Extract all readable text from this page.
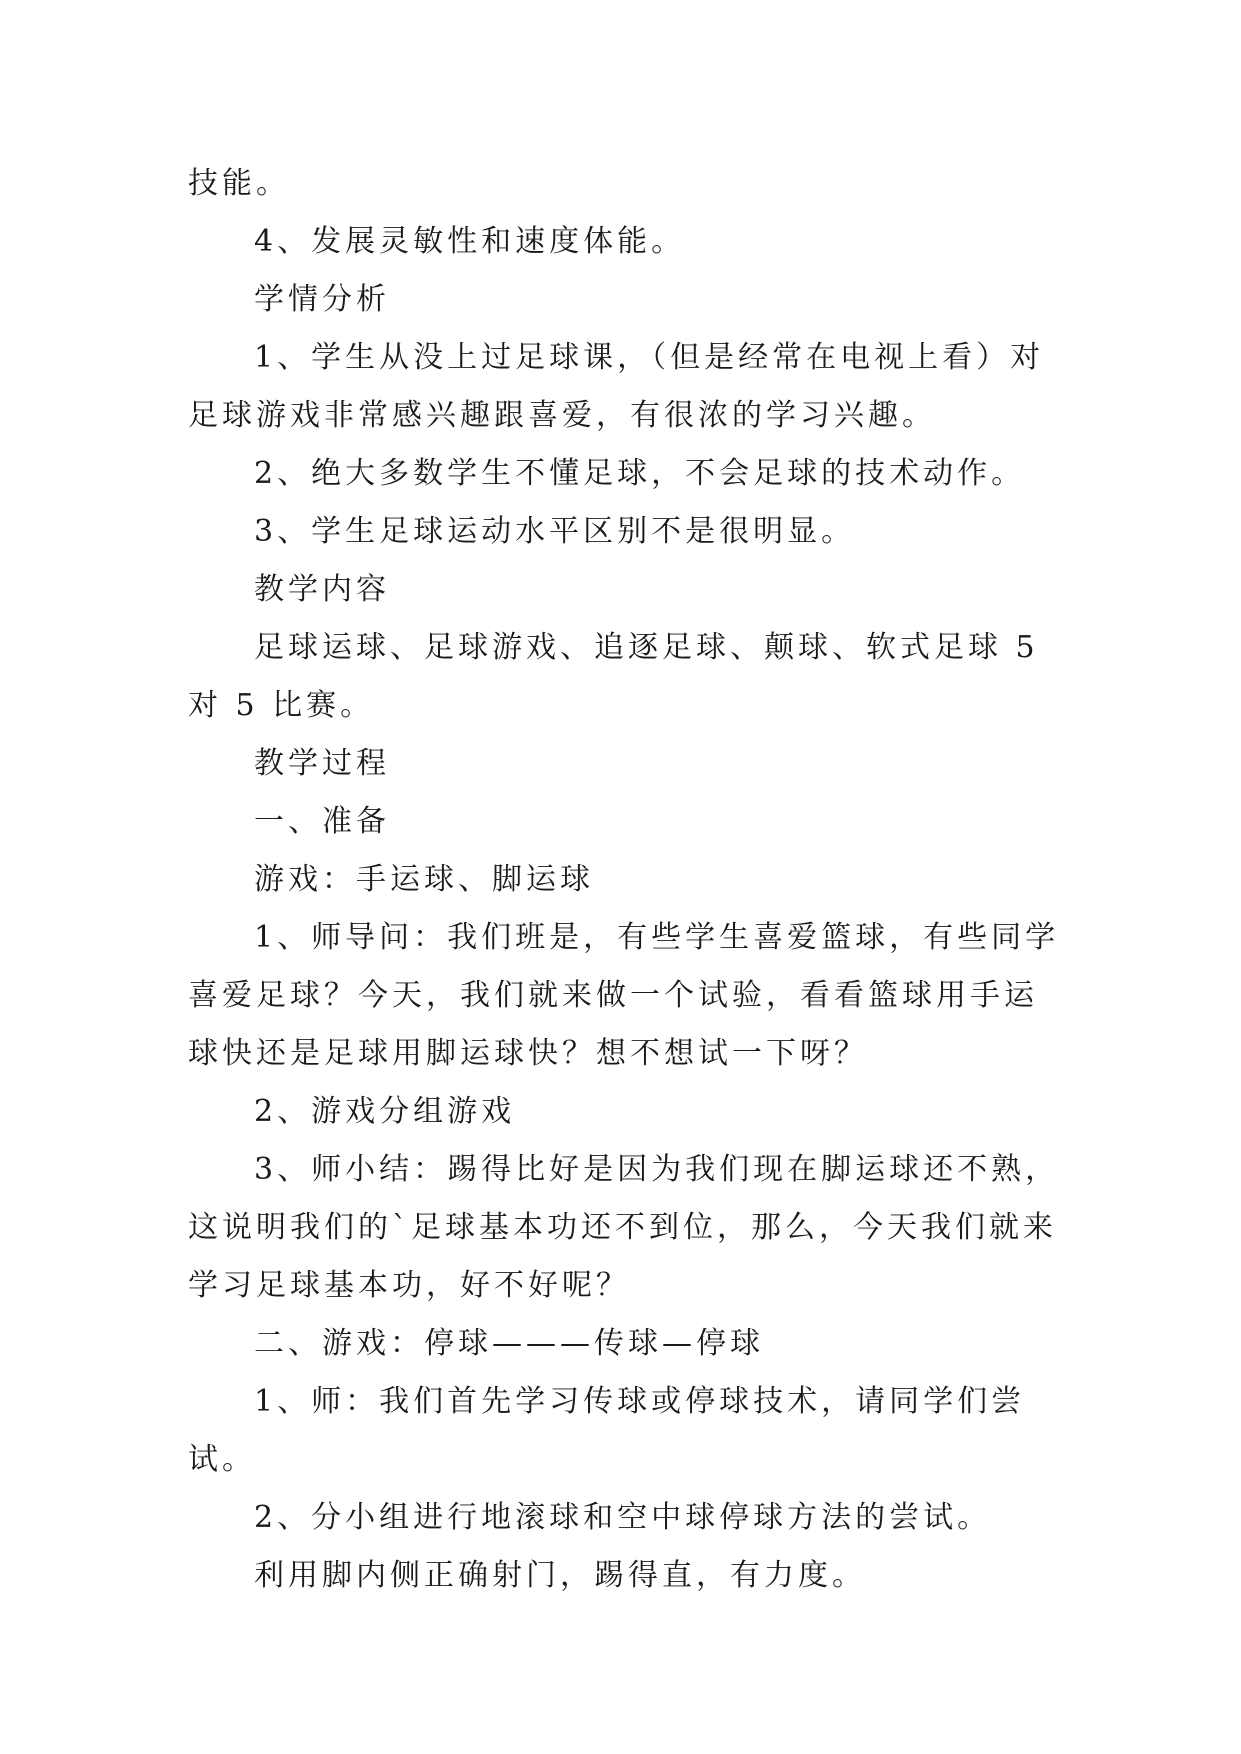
技能。

4、发展灵敏性和速度体能。

学情分析

1、学生从没上过足球课，（但是经常在电视上看）对足球游戏非常感兴趣跟喜爱，有很浓的学习兴趣。

2、绝大多数学生不懂足球，不会足球的技术动作。

3、学生足球运动水平区别不是很明显。

教学内容

足球运球、足球游戏、追逐足球、颠球、软式足球 5 对 5 比赛。

教学过程

一、准备

游戏：手运球、脚运球

1、师导问：我们班是，有些学生喜爱篮球，有些同学喜爱足球？今天，我们就来做一个试验，看看篮球用手运球快还是足球用脚运球快？想不想试一下呀？

2、游戏分组游戏

3、师小结：踢得比好是因为我们现在脚运球还不熟，这说明我们的`足球基本功还不到位，那么，今天我们就来学习足球基本功，好不好呢？

二、游戏：停球———传球—停球

1、师：我们首先学习传球或停球技术，请同学们尝试。

2、分小组进行地滚球和空中球停球方法的尝试。

利用脚内侧正确射门，踢得直，有力度。
